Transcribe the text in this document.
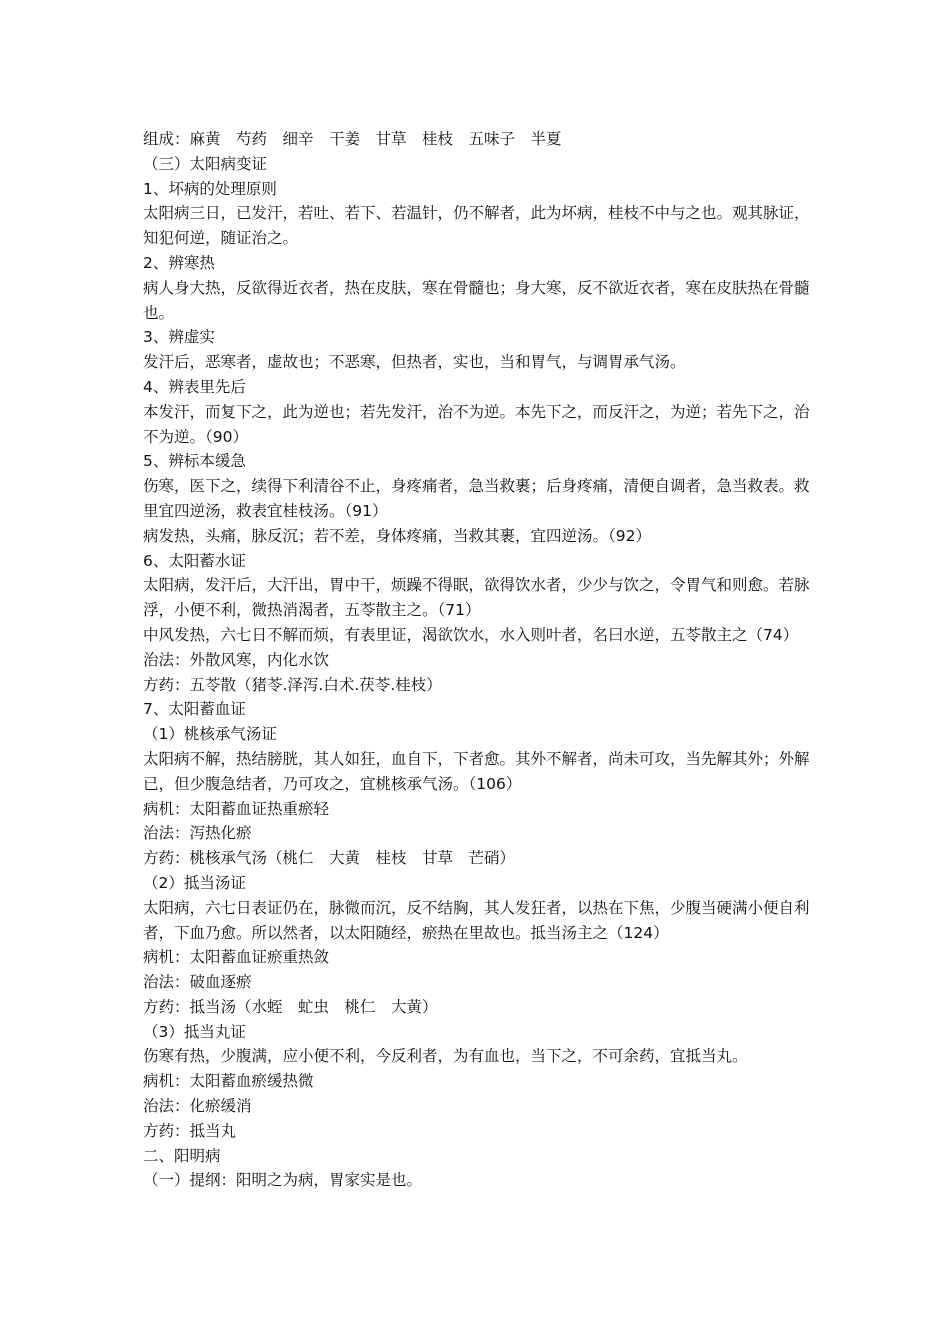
组成：麻黄　芍药　细辛　干姜　甘草　桂枝　五味子　半夏

（三）太阳病变证

1、坏病的处理原则

太阳病三日，已发汗，若吐、若下、若温针，仍不解者，此为坏病，桂枝不中与之也。观其脉证，知犯何逆，随证治之。

2、辨寒热

病人身大热，反欲得近衣者，热在皮肤，寒在骨髓也；身大寒，反不欲近衣者，寒在皮肤热在骨髓也。

3、辨虚实

发汗后，恶寒者，虚故也；不恶寒，但热者，实也，当和胃气，与调胃承气汤。

4、辨表里先后

本发汗，而复下之，此为逆也；若先发汗，治不为逆。本先下之，而反汗之，为逆；若先下之，治不为逆。（90）

5、辨标本缓急

伤寒，医下之，续得下利清谷不止，身疼痛者，急当救裹；后身疼痛，清便自调者，急当救表。救里宜四逆汤，救表宜桂枝汤。（91）

病发热，头痛，脉反沉；若不差，身体疼痛，当救其裹，宜四逆汤。（92）

6、太阳蓄水证

太阳病，发汗后，大汗出，胃中干，烦躁不得眠，欲得饮水者，少少与饮之，令胃气和则愈。若脉浮，小便不利，微热消渴者，五苓散主之。（71）

中风发热，六七日不解而烦，有表里证，渴欲饮水，水入则叶者，名曰水逆，五苓散主之（74）

治法：外散风寒，内化水饮

方药：五苓散（猪苓.泽泻.白术.茯苓.桂枝）

7、太阳蓄血证

（1）桃核承气汤证

太阳病不解，热结膀胱，其人如狂，血自下，下者愈。其外不解者，尚未可攻，当先解其外；外解已，但少腹急结者，乃可攻之，宜桃核承气汤。（106）

病机：太阳蓄血证热重瘀轻

治法：泻热化瘀

方药：桃核承气汤（桃仁　大黄　桂枝　甘草　芒硝）

（2）抵当汤证

太阳病，六七日表证仍在，脉微而沉，反不结胸，其人发狂者，以热在下焦，少腹当硬满小便自利者，下血乃愈。所以然者，以太阳随经，瘀热在里故也。抵当汤主之（124）

病机：太阳蓄血证瘀重热敛

治法：破血逐瘀

方药：抵当汤（水蛭　虻虫　桃仁　大黄）

（3）抵当丸证

伤寒有热，少腹满，应小便不利，今反利者，为有血也，当下之，不可余药，宜抵当丸。

病机：太阳蓄血瘀缓热微

治法：化瘀缓消

方药：抵当丸

二、阳明病

（一）提纲：阳明之为病，胃家实是也。
